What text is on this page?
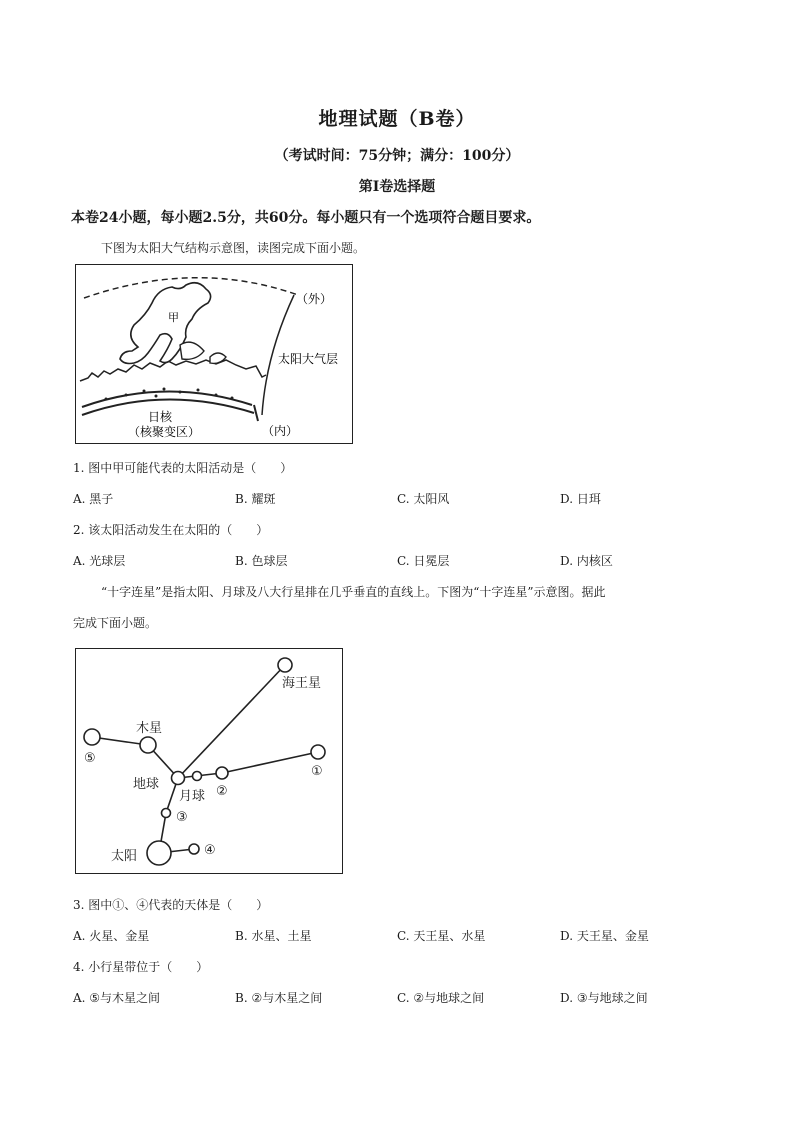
地理试题（B卷）
（考试时间：75分钟；满分：100分）
第Ⅰ卷选择题
本卷24小题，每小题2.5分，共60分。每小题只有一个选项符合题目要求。
下图为太阳大气结构示意图，读图完成下面小题。
甲
（外）
太阳大气层
日核
（核聚变区）	（内）
1. 图中甲可能代表的太阳活动是（　　）
A. 黑子	B. 耀斑	C. 太阳风	D. 日珥
2. 该太阳活动发生在太阳的（　　）
A. 光球层	B. 色球层	C. 日冕层	D. 内核区
“十字连星”是指太阳、月球及八大行星排在几乎垂直的直线上。下图为“十字连星”示意图。据此
完成下面小题。
海王星
木星
地球
月球
太阳
⑤
①
②
③
④
3. 图中①、④代表的天体是（　　）
A. 火星、金星	B. 水星、土星	C. 天王星、水星	D. 天王星、金星
4. 小行星带位于（　　）
A. ⑤与木星之间	B. ②与木星之间	C. ②与地球之间	D. ③与地球之间
